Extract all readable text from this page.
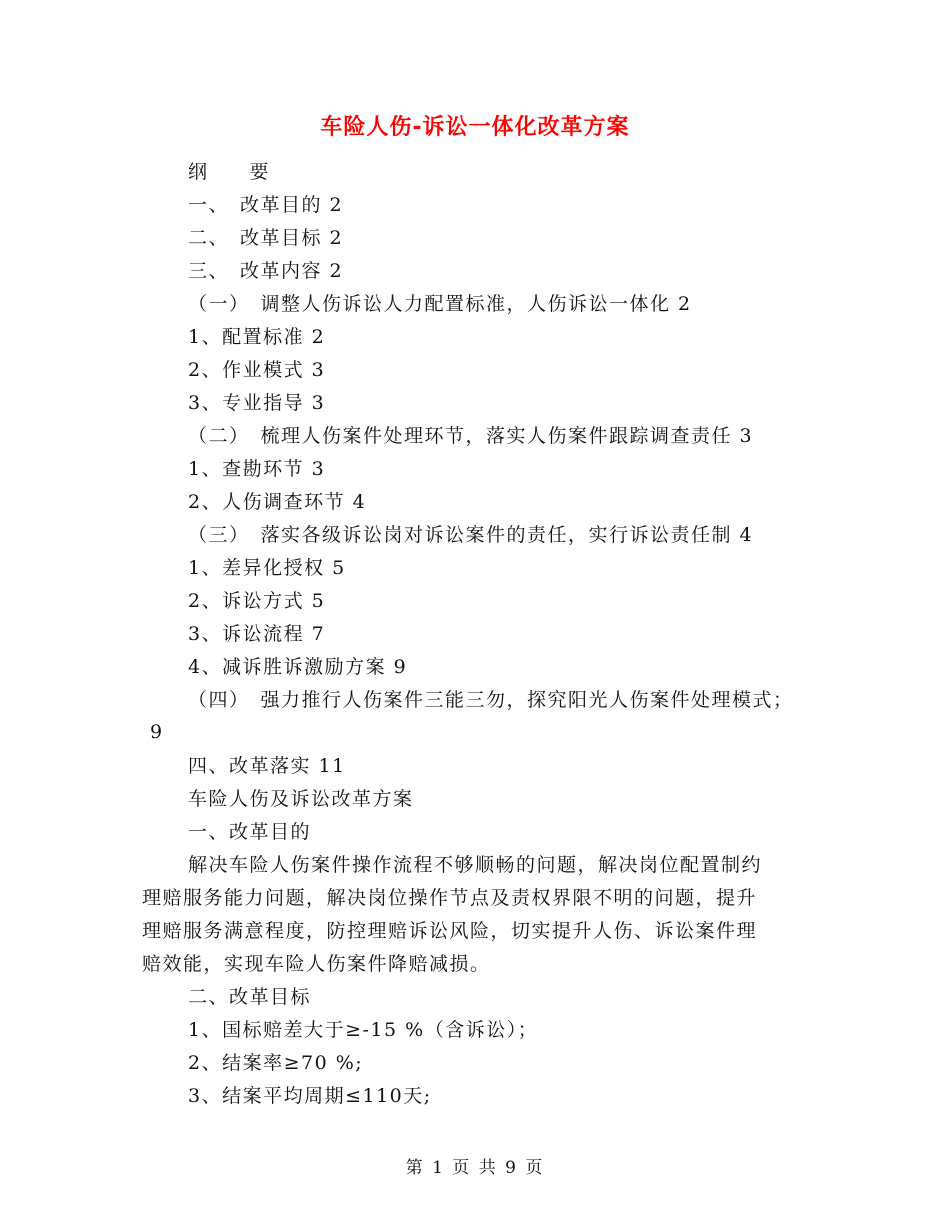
车险人伤-诉讼一体化改革方案
纲　　要
一、　改革目的 2
二、　改革目标 2
三、　改革内容 2
（一）　调整人伤诉讼人力配置标准，人伤诉讼一体化 2
1、配置标准 2
2、作业模式 3
3、专业指导 3
（二）　梳理人伤案件处理环节，落实人伤案件跟踪调查责任 3
1、查勘环节 3
2、人伤调查环节 4
（三）　落实各级诉讼岗对诉讼案件的责任，实行诉讼责任制 4
1、差异化授权 5
2、诉讼方式 5
3、诉讼流程 7
4、减诉胜诉激励方案 9
（四）　强力推行人伤案件三能三勿，探究阳光人伤案件处理模式；
9
四、改革落实 11
车险人伤及诉讼改革方案
一、改革目的
解决车险人伤案件操作流程不够顺畅的问题，解决岗位配置制约
理赔服务能力问题，解决岗位操作节点及责权界限不明的问题，提升
理赔服务满意程度，防控理赔诉讼风险，切实提升人伤、诉讼案件理
赔效能，实现车险人伤案件降赔减损。
二、改革目标
1、国标赔差大于≥-15 %（含诉讼）；
2、结案率≥70 %;
3、结案平均周期≤110天;
第 1 页 共 9 页
